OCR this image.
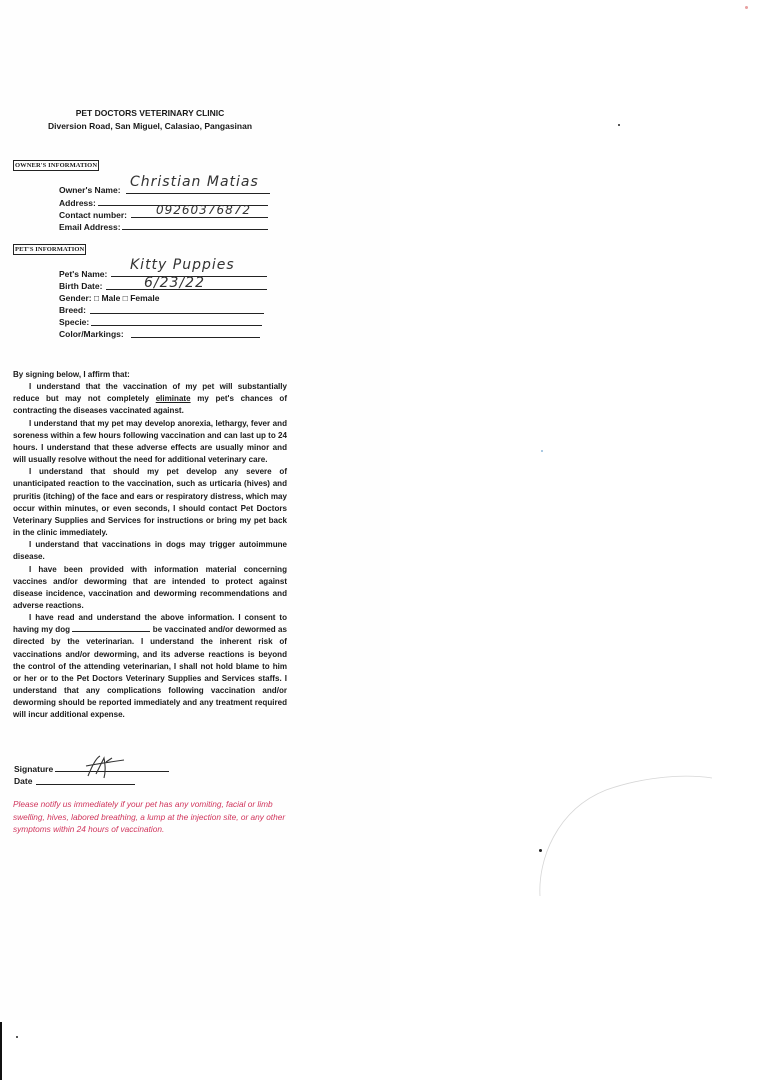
PET DOCTORS VETERINARY CLINIC
Diversion Road, San Miguel, Calasiao, Pangasinan
OWNER'S INFORMATION
Owner's Name: Christian Matias
Address:
Contact number: 09260376872
Email Address:
PET'S INFORMATION
Pet's Name:
Kitty Puppies
Birth Date:	6/23/22
Gender: □ Male □ Female
Breed:
Specie:
Color/Markings:

By signing below, I affirm that:

I understand that the vaccination of my pet will substantially reduce but may not completely eliminate my pet's chances of contracting the diseases vaccinated against.

I understand that my pet may develop anorexia, lethargy, fever and soreness within a few hours following vaccination and can last up to 24 hours. I understand that these adverse effects are usually minor and will usually resolve without the need for additional veterinary care.

I understand that should my pet develop any severe of unanticipated reaction to the vaccination, such as urticaria (hives) and pruritis (itching) of the face and ears or respiratory distress, which may occur within minutes, or even seconds, I should contact Pet Doctors Veterinary Supplies and Services for instructions or bring my pet back in the clinic immediately.

I understand that vaccinations in dogs may trigger autoimmune disease.

I have been provided with information material concerning vaccines and/or deworming that are intended to protect against disease incidence, vaccination and deworming recommendations and adverse reactions.

I have read and understand the above information. I consent to having my dog	be vaccinated and/or dewormed as directed by the veterinarian. I understand the inherent risk of vaccinations and/or deworming, and its adverse reactions is beyond the control of the attending veterinarian, I shall not hold blame to him or her or to the Pet Doctors Veterinary Supplies and Services staffs. I understand that any complications following vaccination and/or deworming should be reported immediately and any treatment required will incur additional expense.

Signature
Date
Please notify us immediately if your pet has any vomiting, facial or limb swelling, hives, labored breathing, a lump at the injection site, or any other symptoms within 24 hours of vaccination.
